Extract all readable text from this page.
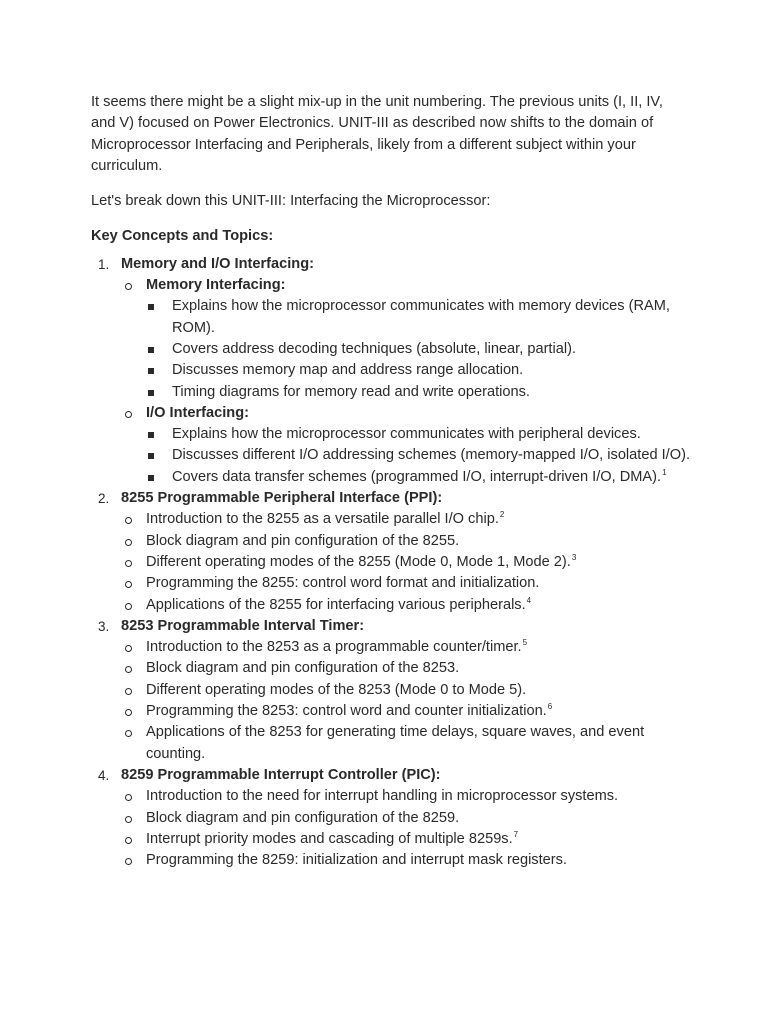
It seems there might be a slight mix-up in the unit numbering. The previous units (I, II, IV, and V) focused on Power Electronics. UNIT-III as described now shifts to the domain of Microprocessor Interfacing and Peripherals, likely from a different subject within your curriculum.

Let's break down this UNIT-III: Interfacing the Microprocessor:

Key Concepts and Topics:

1. Memory and I/O Interfacing:
Memory Interfacing:
Explains how the microprocessor communicates with memory devices (RAM, ROM).
Covers address decoding techniques (absolute, linear, partial).
Discusses memory map and address range allocation.
Timing diagrams for memory read and write operations.
I/O Interfacing:
Explains how the microprocessor communicates with peripheral devices.
Discusses different I/O addressing schemes (memory-mapped I/O, isolated I/O).
Covers data transfer schemes (programmed I/O, interrupt-driven I/O, DMA).$^1$
2. 8255 Programmable Peripheral Interface (PPI):
Introduction to the 8255 as a versatile parallel I/O chip.$^2$
Block diagram and pin configuration of the 8255.
Different operating modes of the 8255 (Mode 0, Mode 1, Mode 2).$^3$
Programming the 8255: control word format and initialization.
Applications of the 8255 for interfacing various peripherals.$^4$
3. 8253 Programmable Interval Timer:
Introduction to the 8253 as a programmable counter/timer.$^5$
Block diagram and pin configuration of the 8253.
Different operating modes of the 8253 (Mode 0 to Mode 5).
Programming the 8253: control word and counter initialization.$^6$
Applications of the 8253 for generating time delays, square waves, and event counting.
4. 8259 Programmable Interrupt Controller (PIC):
Introduction to the need for interrupt handling in microprocessor systems.
Block diagram and pin configuration of the 8259.
Interrupt priority modes and cascading of multiple 8259s.$^7$
Programming the 8259: initialization and interrupt mask registers.
